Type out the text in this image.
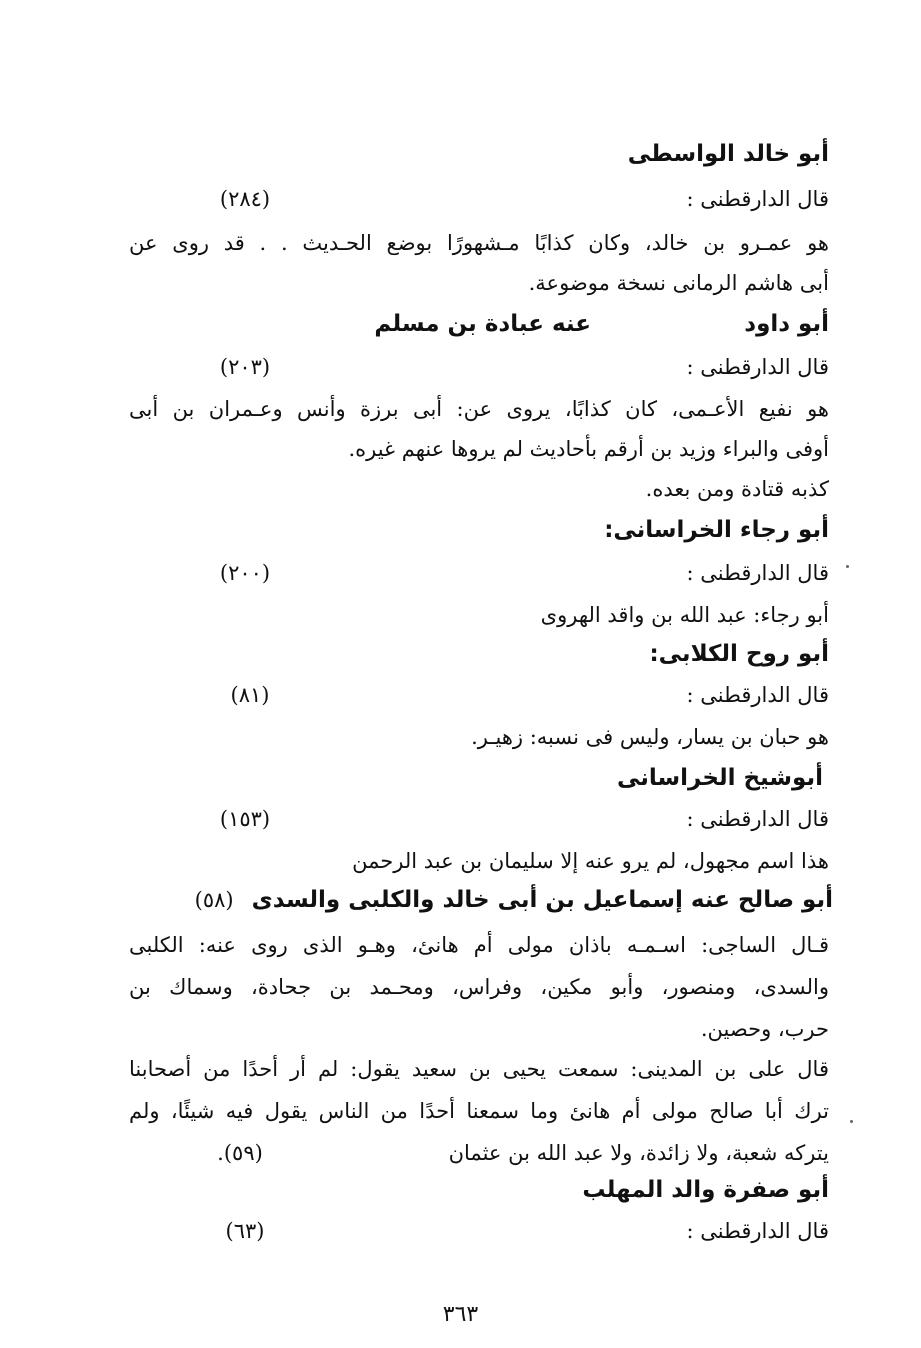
أبو خالد الواسطى
قال الدارقطنى :
(٢٨٤)
هو عمـرو بن خالد، وكان كذابًا مـشهورًا بوضع الحـديث . . قد روى عن
أبى هاشم الرمانى نسخة موضوعة.
أبو داود
عنه عبادة بن مسلم
قال الدارقطنى :
(٢٠٣)
هو نفيع الأعـمى، كان كذابًا، يروى عن: أبى برزة وأنس وعـمران بن أبى
أوفى والبراء وزيد بن أرقم بأحاديث لم يروها عنهم غيره.
كذبه قتادة ومن بعده.
أبو رجاء الخراسانى:
قال الدارقطنى :
(٢٠٠)
أبو رجاء: عبد الله بن واقد الهروى
أبو روح الكلابى:
قال الدارقطنى :
(٨١)
هو حبان بن يسار، وليس فى نسبه: زهيـر.
أبوشيخ الخراسانى
قال الدارقطنى :
(١٥٣)
هذا اسم مجهول، لم يرو عنه إلا سليمان بن عبد الرحمن
أبو صالح عنه إسماعيل بن أبى خالد والكلبى والسدى (٥٨)
قـال الساجى: اسـمـه باذان مولى أم هانئ، وهـو الذى روى عنه: الكلبى
والسدى، ومنصور، وأبو مكين، وفراس، ومحـمد بن جحادة، وسماك بن
حرب، وحصين.
قال على بن المدينى: سمعت يحيى بن سعيد يقول: لم أر أحدًا من أصحابنا
ترك أبا صالح مولى أم هانئ وما سمعنا أحدًا من الناس يقول فيه شيئًا، ولم
يتركه شعبة، ولا زائدة، ولا عبد الله بن عثمان
(٥٩).
أبو صفرة والد المهلب
قال الدارقطنى :
(٦٣)
٣٦٣
